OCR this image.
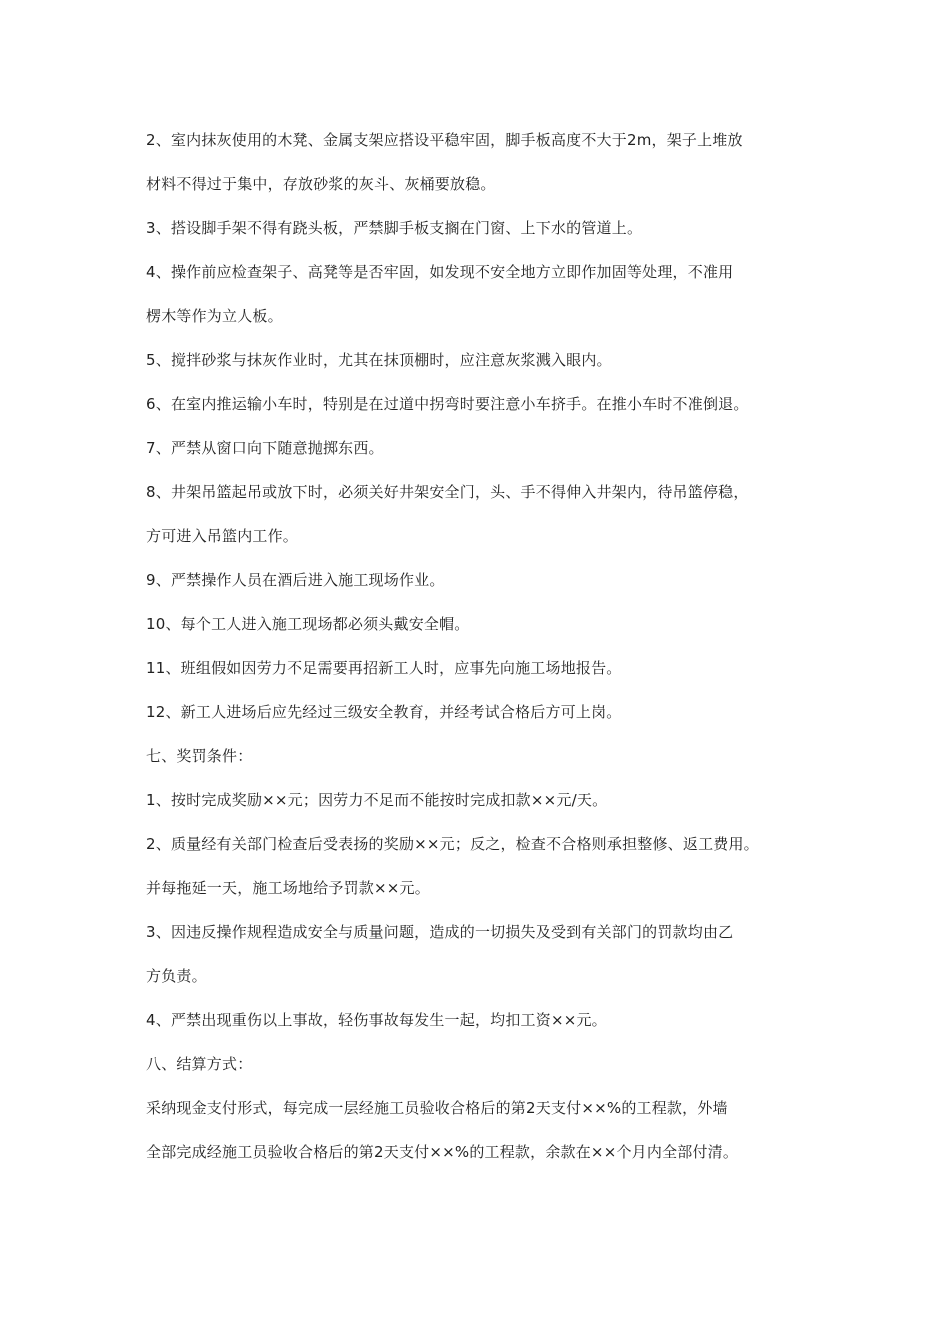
2、室内抹灰使用的木凳、金属支架应搭设平稳牢固，脚手板高度不大于2m，架子上堆放
材料不得过于集中，存放砂浆的灰斗、灰桶要放稳。
3、搭设脚手架不得有跷头板，严禁脚手板支搁在门窗、上下水的管道上。
4、操作前应检查架子、高凳等是否牢固，如发现不安全地方立即作加固等处理，不准用
楞木等作为立人板。
5、搅拌砂浆与抹灰作业时，尤其在抹顶棚时，应注意灰浆溅入眼内。
6、在室内推运输小车时，特别是在过道中拐弯时要注意小车挤手。在推小车时不准倒退。
7、严禁从窗口向下随意抛掷东西。
8、井架吊篮起吊或放下时，必须关好井架安全门，头、手不得伸入井架内，待吊篮停稳，
方可进入吊篮内工作。
9、严禁操作人员在酒后进入施工现场作业。
10、每个工人进入施工现场都必须头戴安全帽。
11、班组假如因劳力不足需要再招新工人时，应事先向施工场地报告。
12、新工人进场后应先经过三级安全教育，并经考试合格后方可上岗。
七、奖罚条件：
1、按时完成奖励××元；因劳力不足而不能按时完成扣款××元/天。
2、质量经有关部门检查后受表扬的奖励××元；反之，检查不合格则承担整修、返工费用。
并每拖延一天，施工场地给予罚款××元。
3、因违反操作规程造成安全与质量问题，造成的一切损失及受到有关部门的罚款均由乙
方负责。
4、严禁出现重伤以上事故，轻伤事故每发生一起，均扣工资××元。
八、结算方式：
采纳现金支付形式，每完成一层经施工员验收合格后的第2天支付××%的工程款，外墙
全部完成经施工员验收合格后的第2天支付××%的工程款，余款在××个月内全部付清。
